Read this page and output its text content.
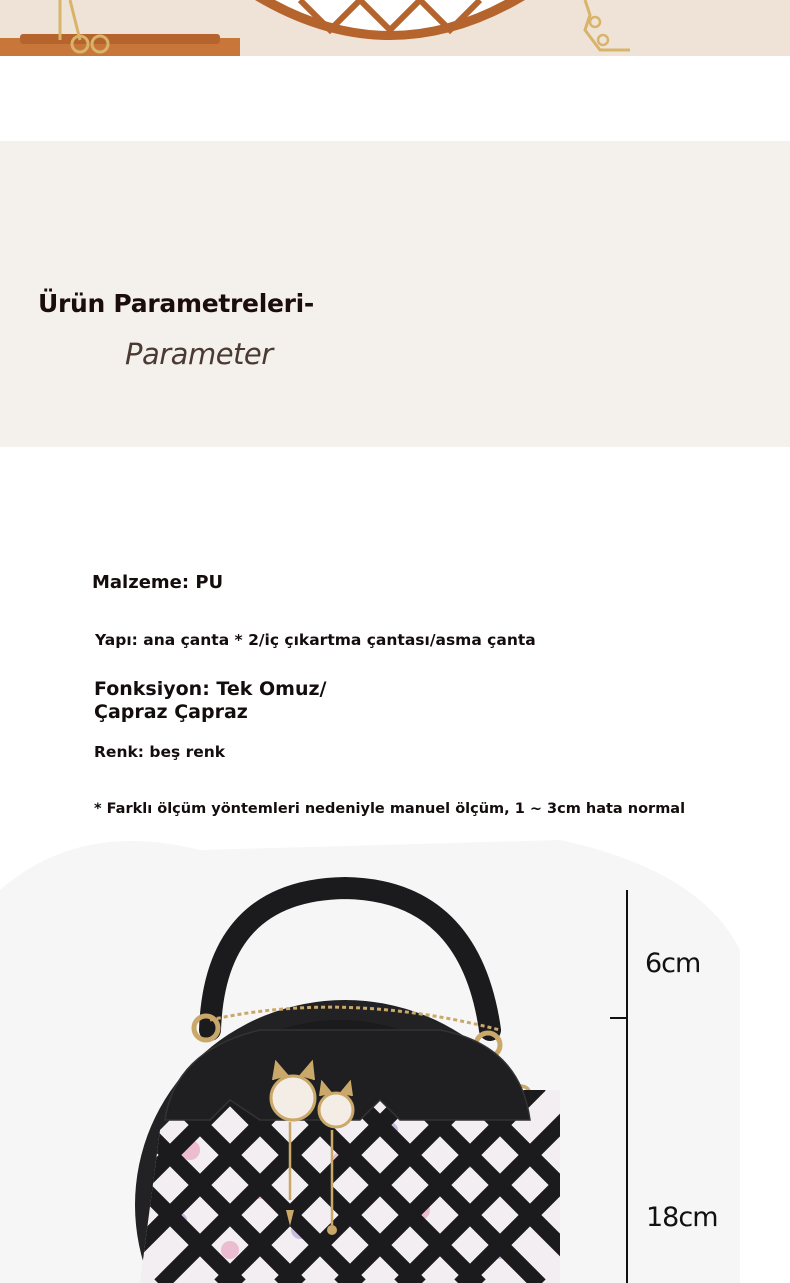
Ürün Parametreleri-
Parameter
Malzeme: PU
Yapı: ana çanta * 2/iç çıkartma çantası/asma çanta
Fonksiyon: Tek Omuz/
Çapraz Çapraz
Renk: beş renk
* Farklı ölçüm yöntemleri nedeniyle manuel ölçüm, 1 ~ 3cm hata normal
6cm
18cm
